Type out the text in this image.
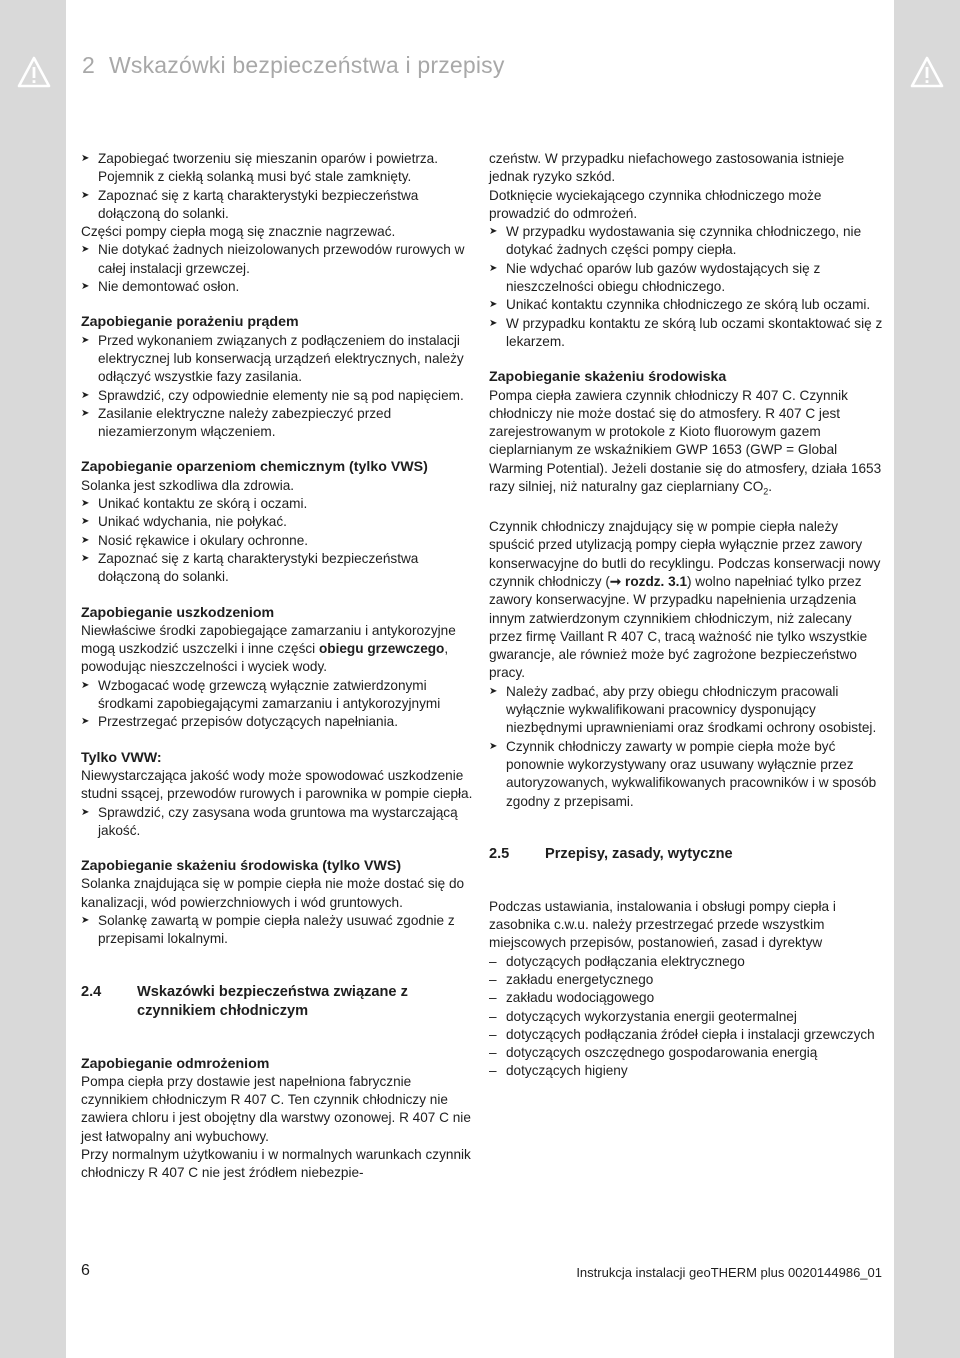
2 Wskazówki bezpieczeństwa i przepisy

➤ Zapobiegać tworzeniu się mieszanin oparów i powietrza. Pojemnik z ciekłą solanką musi być stale zamknięty.

➤ Zapoznać się z kartą charakterystyki bezpieczeństwa dołączoną do solanki.

Części pompy ciepła mogą się znacznie nagrzewać.

➤ Nie dotykać żadnych nieizolowanych przewodów rurowych w całej instalacji grzewczej.

➤ Nie demontować osłon.

Zapobieganie porażeniu prądem

➤ Przed wykonaniem związanych z podłączeniem do instalacji elektrycznej lub konserwacją urządzeń elektrycznych, należy odłączyć wszystkie fazy zasilania.

➤ Sprawdzić, czy odpowiednie elementy nie są pod napięciem.

➤ Zasilanie elektryczne należy zabezpieczyć przed niezamierzonym włączeniem.

Zapobieganie oparzeniom chemicznym (tylko VWS)

Solanka jest szkodliwa dla zdrowia.

➤ Unikać kontaktu ze skórą i oczami.

➤ Unikać wdychania, nie połykać.

➤ Nosić rękawice i okulary ochronne.

➤ Zapoznać się z kartą charakterystyki bezpieczeństwa dołączoną do solanki.

Zapobieganie uszkodzeniom

Niewłaściwe środki zapobiegające zamarzaniu i antykorozyjne mogą uszkodzić uszczelki i inne części obiegu grzewczego, powodując nieszczelności i wyciek wody.

➤ Wzbogacać wodę grzewczą wyłącznie zatwierdzonymi środkami zapobiegającymi zamarzaniu i antykorozyjnymi

➤ Przestrzegać przepisów dotyczących napełniania.

Tylko VWW:

Niewystarczająca jakość wody może spowodować uszkodzenie studni ssącej, przewodów rurowych i parownika w pompie ciepła.

➤ Sprawdzić, czy zasysana woda gruntowa ma wystarczającą jakość.

Zapobieganie skażeniu środowiska (tylko VWS)

Solanka znajdująca się w pompie ciepła nie może dostać się do kanalizacji, wód powierzchniowych i wód gruntowych.

➤ Solankę zawartą w pompie ciepła należy usuwać zgodnie z przepisami lokalnymi.

2.4	Wskazówki bezpieczeństwa związane z czynnikiem chłodniczym

Zapobieganie odmrożeniom

Pompa ciepła przy dostawie jest napełniona fabrycznie czynnikiem chłodniczym R 407 C. Ten czynnik chłodniczy nie zawiera chloru i jest obojętny dla warstwy ozonowej. R 407 C nie jest łatwopalny ani wybuchowy.

Przy normalnym użytkowaniu i w normalnych warunkach czynnik chłodniczy R 407 C nie jest źródłem niebezpie-

czeństw. W przypadku niefachowego zastosowania istnieje jednak ryzyko szkód.

Dotknięcie wyciekającego czynnika chłodniczego może prowadzić do odmrożeń.

➤ W przypadku wydostawania się czynnika chłodniczego, nie dotykać żadnych części pompy ciepła.

➤ Nie wdychać oparów lub gazów wydostających się z nieszczelności obiegu chłodniczego.

➤ Unikać kontaktu czynnika chłodniczego ze skórą lub oczami.

➤ W przypadku kontaktu ze skórą lub oczami skontaktować się z lekarzem.

Zapobieganie skażeniu środowiska

Pompa ciepła zawiera czynnik chłodniczy R 407 C. Czynnik chłodniczy nie może dostać się do atmosfery. R 407 C jest zarejestrowanym w protokole z Kioto fluorowym gazem cieplarnianym ze wskaźnikiem GWP 1653 (GWP = Global Warming Potential). Jeżeli dostanie się do atmosfery, działa 1653 razy silniej, niż naturalny gaz cieplarniany $CO_2$.

Czynnik chłodniczy znajdujący się w pompie ciepła należy spuścić przed utylizacją pompy ciepła wyłącznie przez zawory konserwacyjne do butli do recyklingu. Podczas konserwacji nowy czynnik chłodniczy (➞ rozdz. 3.1) wolno napełniać tylko przez zawory konserwacyjne. W przypadku napełnienia urządzenia innym zatwierdzonym czynnikiem chłodniczym, niż zalecany przez firmę Vaillant R 407 C, tracą ważność nie tylko wszystkie gwarancje, ale również może być zagrożone bezpieczeństwo pracy.

➤ Należy zadbać, aby przy obiegu chłodniczym pracowali wyłącznie wykwalifikowani pracownicy dysponujący niezbędnymi uprawnieniami oraz środkami ochrony osobistej.

➤ Czynnik chłodniczy zawarty w pompie ciepła może być ponownie wykorzystywany oraz usuwany wyłącznie przez autoryzowanych, wykwalifikowanych pracowników i w sposób zgodny z przepisami.

2.5	Przepisy, zasady, wytyczne

Podczas ustawiania, instalowania i obsługi pompy ciepła i zasobnika c.w.u. należy przestrzegać przede wszystkim miejscowych przepisów, postanowień, zasad i dyrektyw

– dotyczących podłączania elektrycznego

– zakładu energetycznego

– zakładu wodociągowego

– dotyczących wykorzystania energii geotermalnej

– dotyczących podłączania źródeł ciepła i instalacji grzewczych

– dotyczących oszczędnego gospodarowania energią

– dotyczących higieny

6	Instrukcja instalacji geoTHERM plus 0020144986_01
